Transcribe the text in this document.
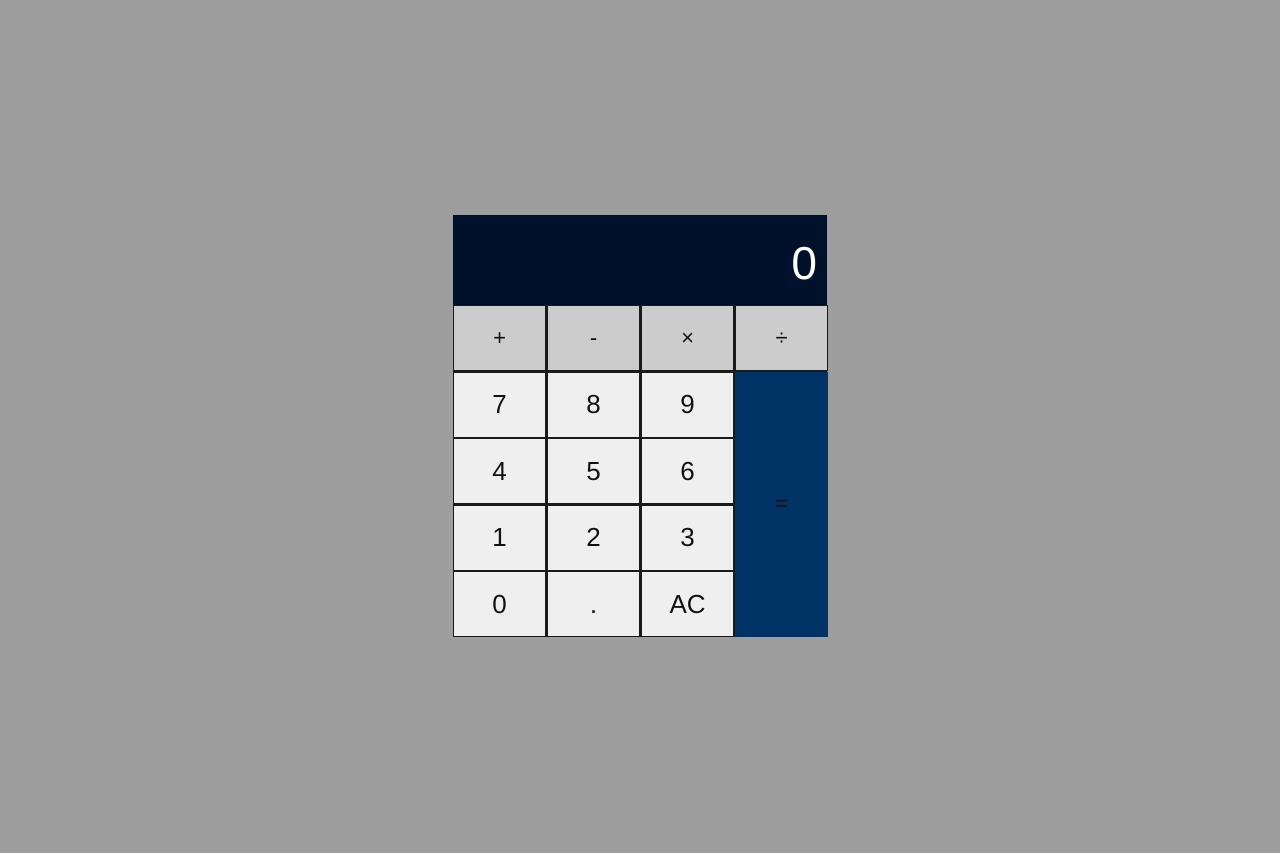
0
+	-	×	÷
7	8	9
=
4	5	6
1	2	3
0	.	AC
